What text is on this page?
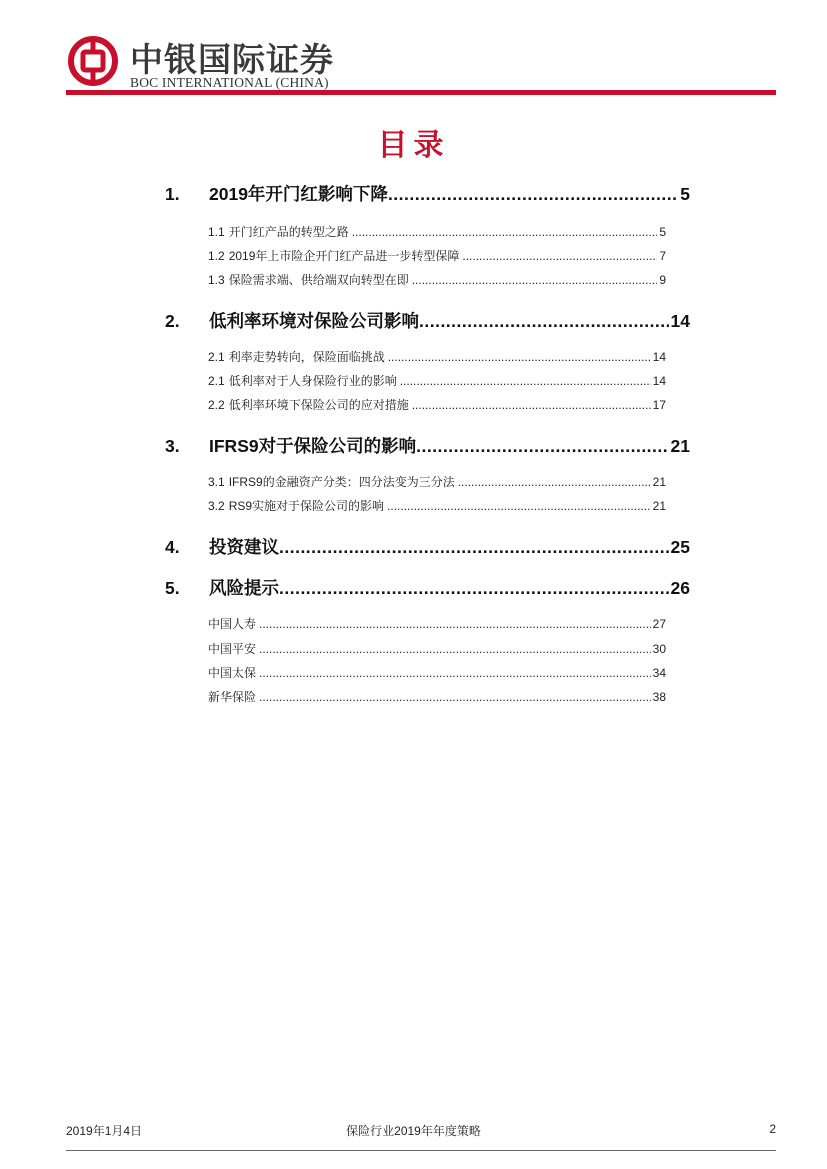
中银国际证券
BOC INTERNATIONAL (CHINA)
目录
1.	2019年开门红影响下降 .....	5
1.1 开门红产品的转型之路 .....	5
1.2 2019年上市险企开门红产品进一步转型保障 .....	7
1.3 保险需求端、供给端双向转型在即 .....	9
2.	低利率环境对保险公司影响 .....	14
2.1 利率走势转向，保险面临挑战 .....	14
2.1 低利率对于人身保险行业的影响 .....	14
2.2 低利率环境下保险公司的应对措施 .....	17
3.	IFRS9对于保险公司的影响 .....	21
3.1 IFRS9的金融资产分类：四分法变为三分法 .....	21
3.2 RS9实施对于保险公司的影响 .....	21
4.	投资建议 .....	25
5.	风险提示 .....	26
中国人寿 .....	27
中国平安 .....	30
中国太保 .....	34
新华保险 .....	38
2019年1月4日	保险行业2019年年度策略	2
